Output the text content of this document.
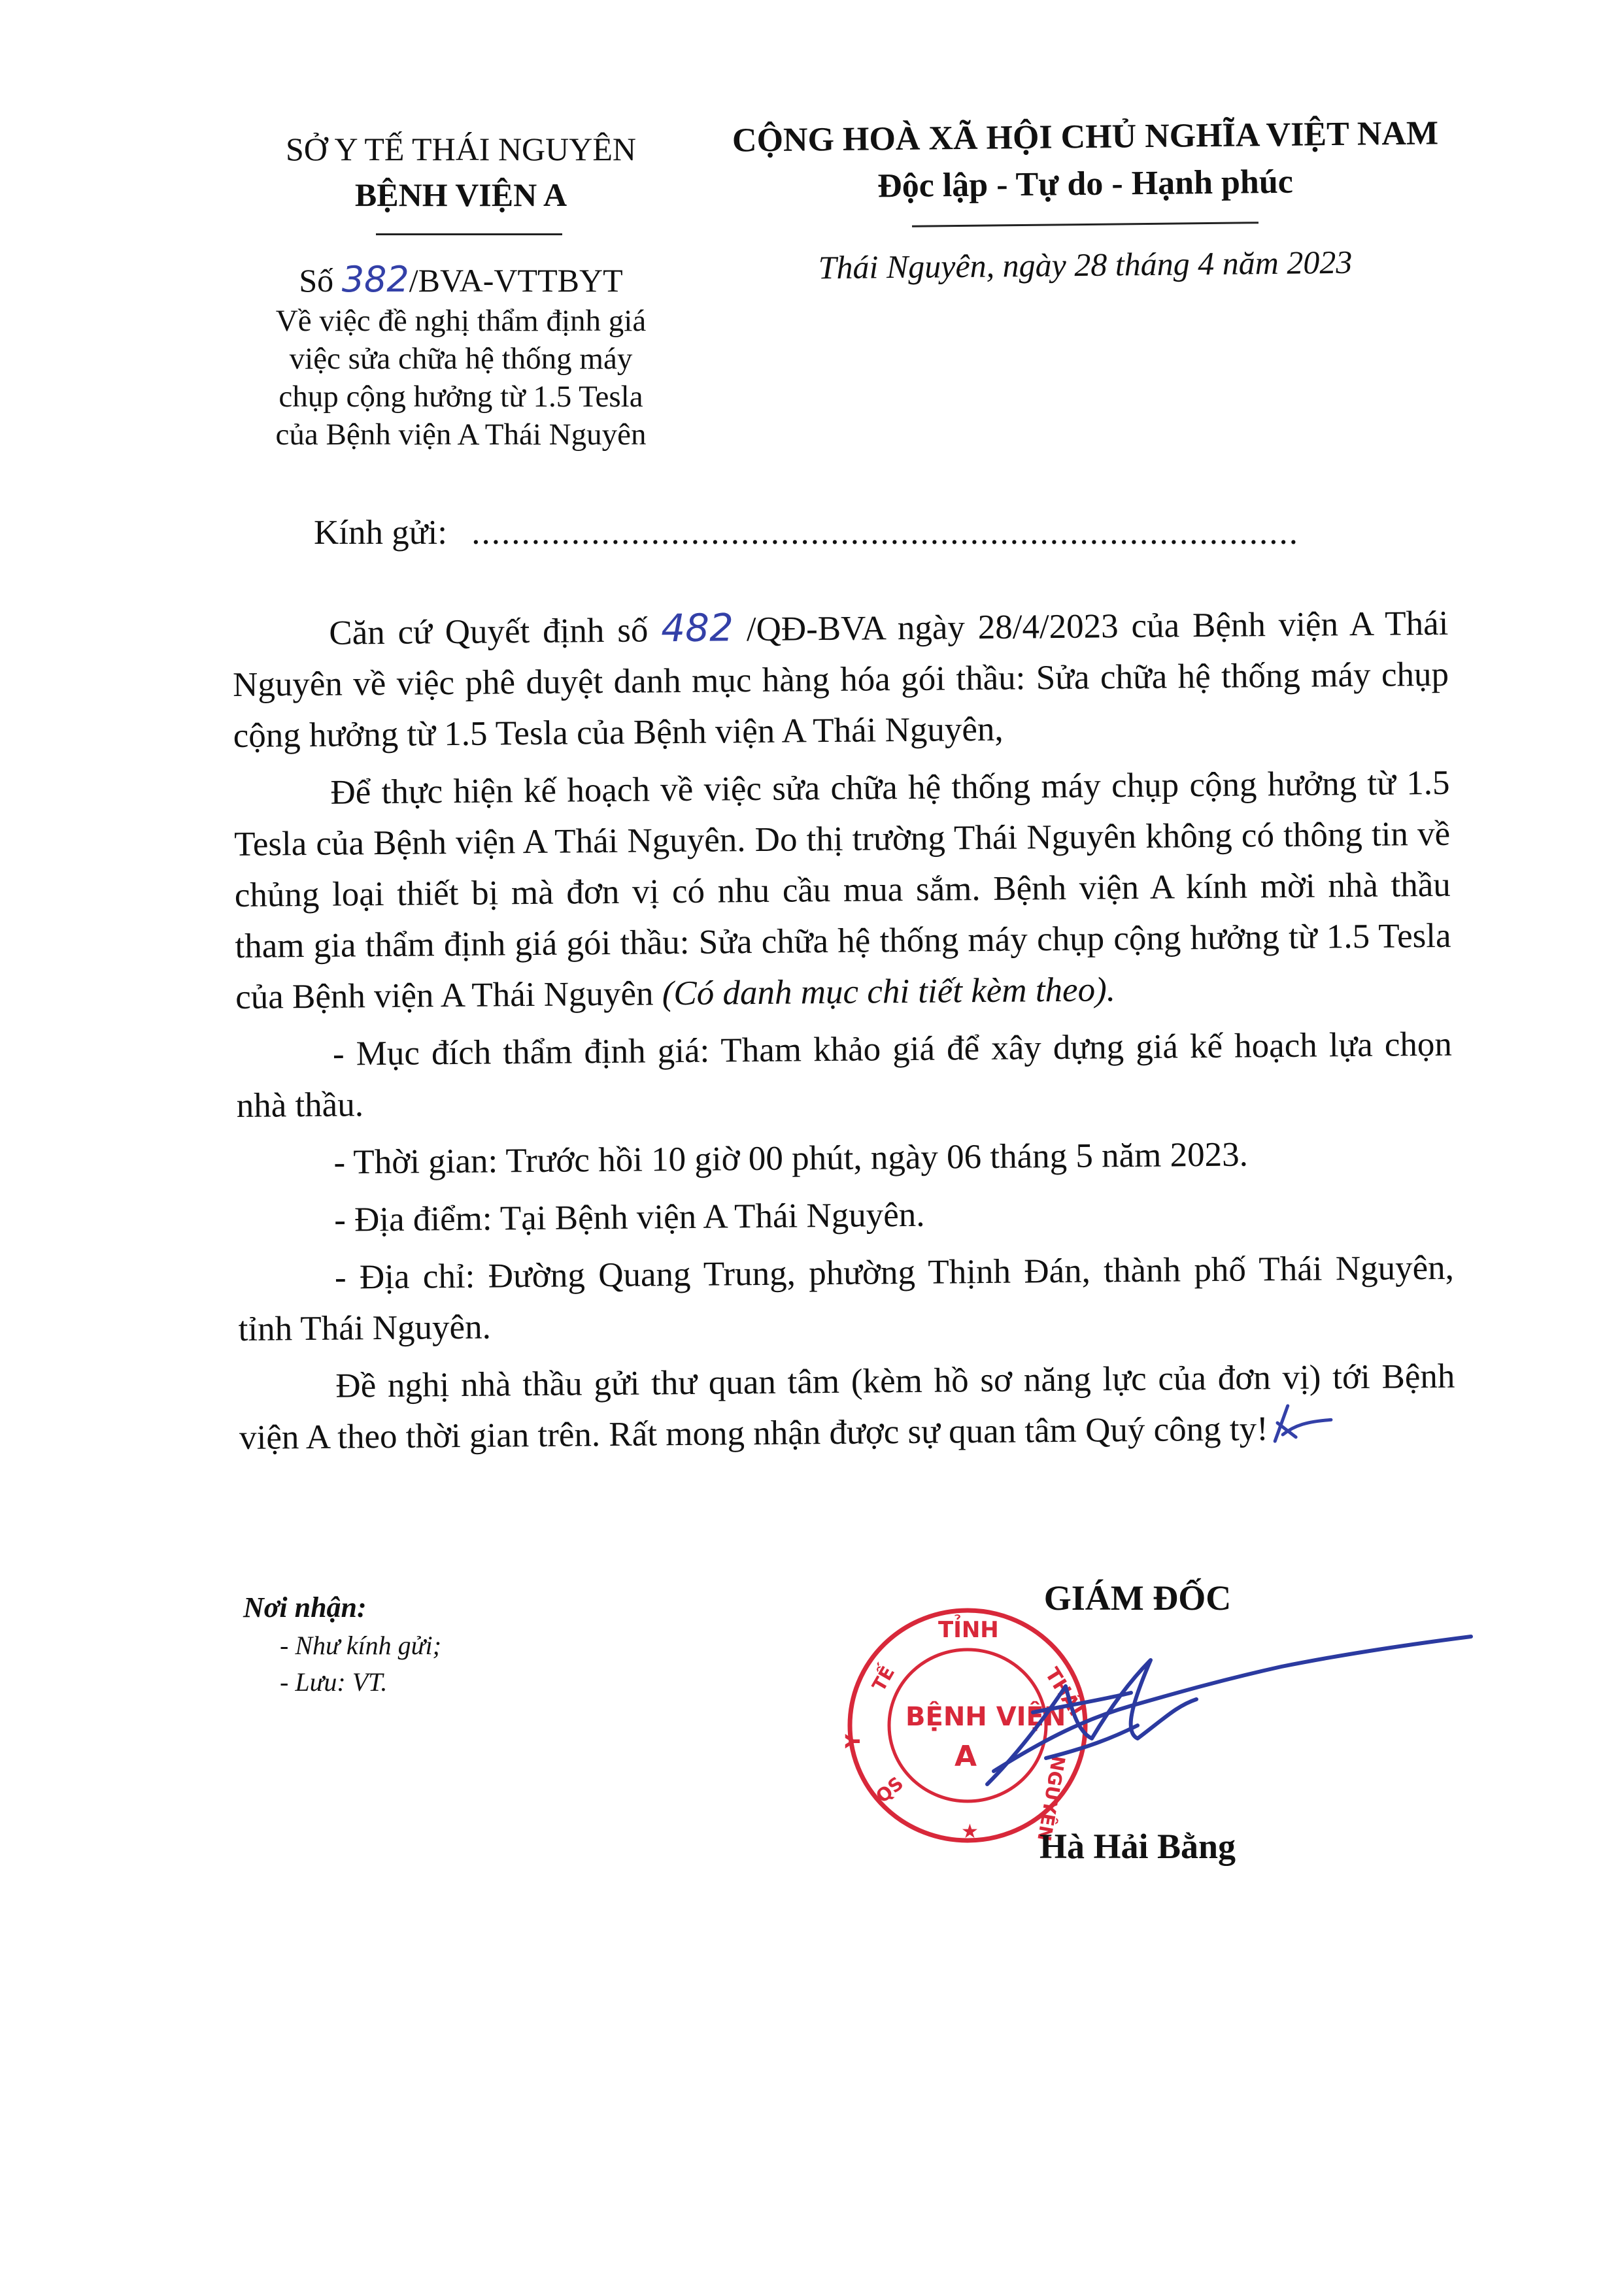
SỞ Y TẾ THÁI NGUYÊN
BỆNH VIỆN A
Số 382/BVA-VTTBYT
Về việc đề nghị thẩm định giá
việc sửa chữa hệ thống máy
chụp cộng hưởng từ 1.5 Tesla
của Bệnh viện A Thái Nguyên
CỘNG HOÀ XÃ HỘI CHỦ NGHĨA VIỆT NAM
Độc lập - Tự do - Hạnh phúc
Thái Nguyên, ngày 28 tháng 4 năm 2023
Kính gửi: ...................................................................................

Căn cứ Quyết định số 482 /QĐ-BVA ngày 28/4/2023 của Bệnh viện A Thái Nguyên về việc phê duyệt danh mục hàng hóa gói thầu: Sửa chữa hệ thống máy chụp cộng hưởng từ 1.5 Tesla của Bệnh viện A Thái Nguyên,

Để thực hiện kế hoạch về việc sửa chữa hệ thống máy chụp cộng hưởng từ 1.5 Tesla của Bệnh viện A Thái Nguyên. Do thị trường Thái Nguyên không có thông tin về chủng loại thiết bị mà đơn vị có nhu cầu mua sắm. Bệnh viện A kính mời nhà thầu tham gia thẩm định giá gói thầu: Sửa chữa hệ thống máy chụp cộng hưởng từ 1.5 Tesla của Bệnh viện A Thái Nguyên (Có danh mục chi tiết kèm theo).

- Mục đích thẩm định giá: Tham khảo giá để xây dựng giá kế hoạch lựa chọn nhà thầu.

- Thời gian: Trước hồi 10 giờ 00 phút, ngày 06 tháng 5 năm 2023.

- Địa điểm: Tại Bệnh viện A Thái Nguyên.

- Địa chỉ: Đường Quang Trung, phường Thịnh Đán, thành phố Thái Nguyên, tỉnh Thái Nguyên.

Đề nghị nhà thầu gửi thư quan tâm (kèm hồ sơ năng lực của đơn vị) tới Bệnh viện A theo thời gian trên. Rất mong nhận được sự quan tâm Quý công ty!

Nơi nhận:
- Như kính gửi;
- Lưu: VT.
GIÁM ĐỐC
TỈNH
THÁI
NGUYÊN
BỆNH VIỆN
A
Y
TẾ
QS
★	Hà Hải Bằng
